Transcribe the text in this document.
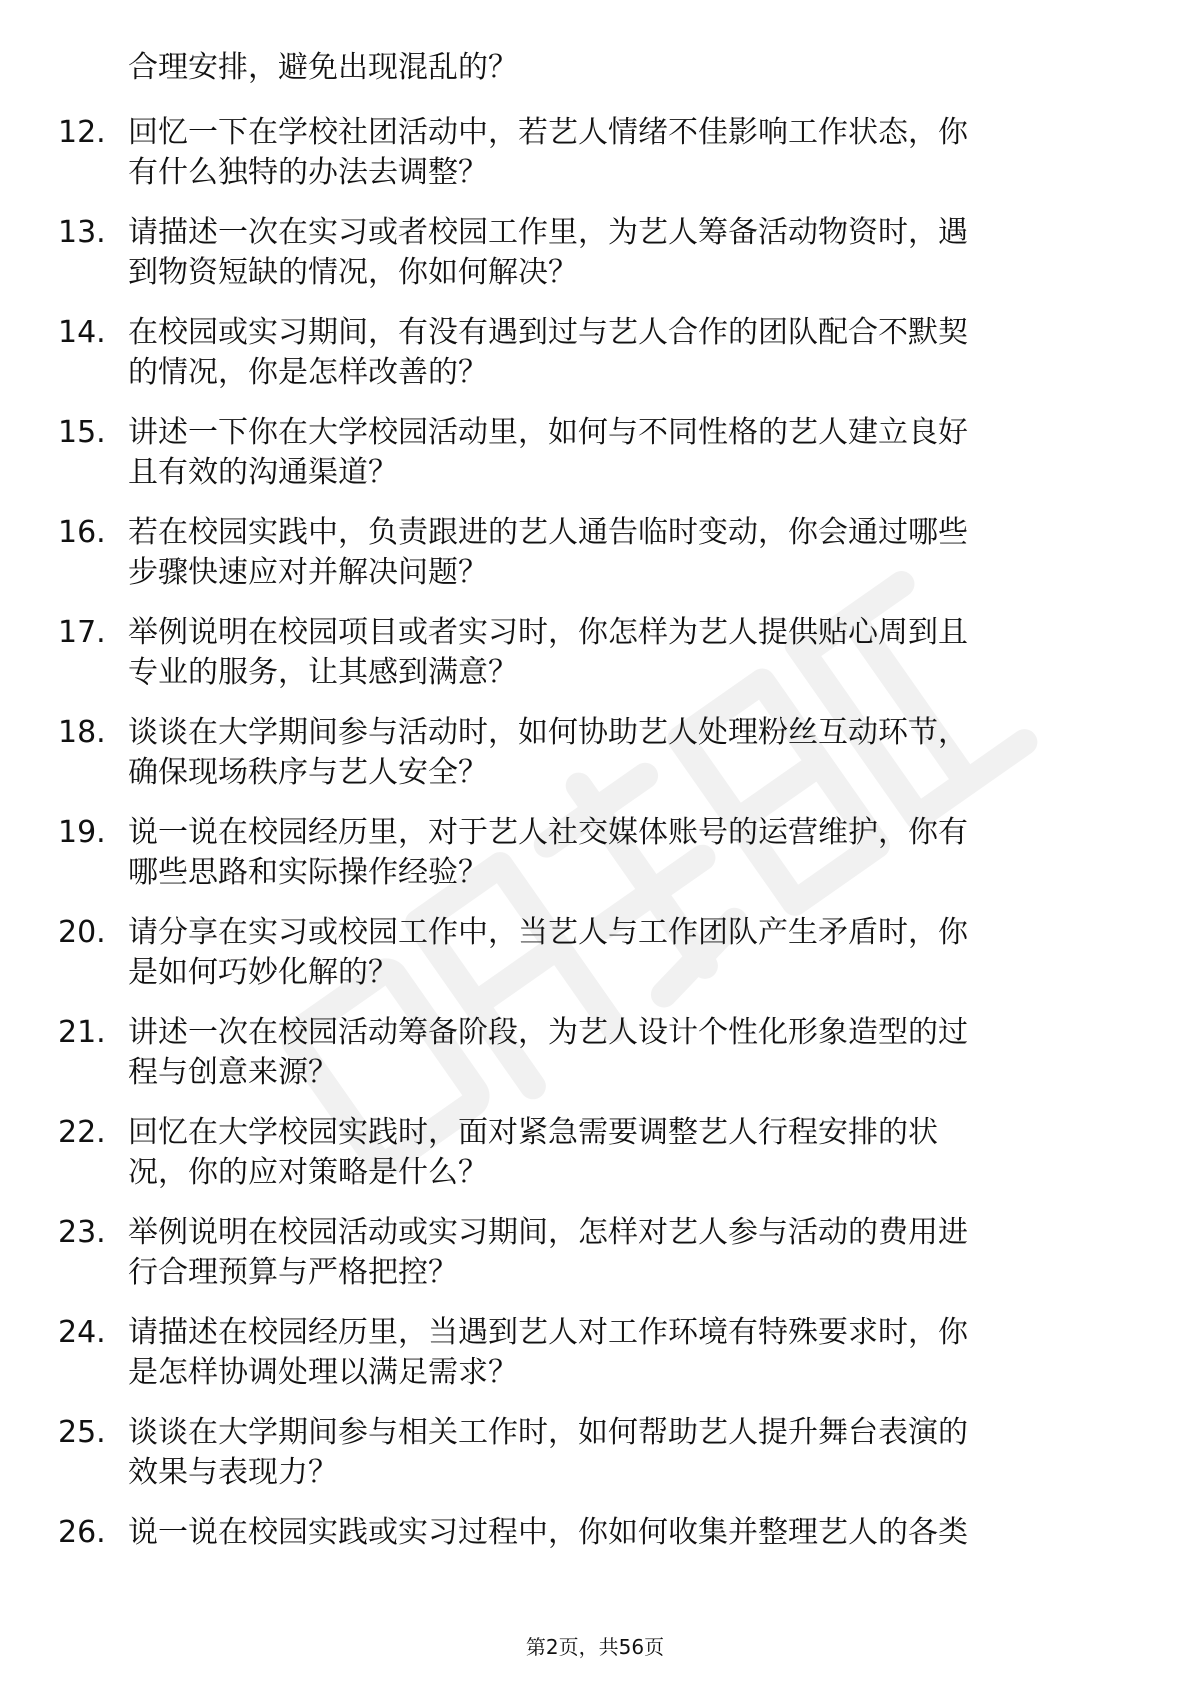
合理安排，避免出现混乱的？
12. 回忆一下在学校社团活动中，若艺人情绪不佳影响工作状态，你
有什么独特的办法去调整？
13. 请描述一次在实习或者校园工作里，为艺人筹备活动物资时，遇
到物资短缺的情况，你如何解决？
14. 在校园或实习期间，有没有遇到过与艺人合作的团队配合不默契
的情况，你是怎样改善的？
15. 讲述一下你在大学校园活动里，如何与不同性格的艺人建立良好
且有效的沟通渠道？
16. 若在校园实践中，负责跟进的艺人通告临时变动，你会通过哪些
步骤快速应对并解决问题？
17. 举例说明在校园项目或者实习时，你怎样为艺人提供贴心周到且
专业的服务，让其感到满意？
18. 谈谈在大学期间参与活动时，如何协助艺人处理粉丝互动环节，
确保现场秩序与艺人安全？
19. 说一说在校园经历里，对于艺人社交媒体账号的运营维护，你有
哪些思路和实际操作经验？
20. 请分享在实习或校园工作中，当艺人与工作团队产生矛盾时，你
是如何巧妙化解的？
21. 讲述一次在校园活动筹备阶段，为艺人设计个性化形象造型的过
程与创意来源？
22. 回忆在大学校园实践时，面对紧急需要调整艺人行程安排的状
况，你的应对策略是什么？
23. 举例说明在校园活动或实习期间，怎样对艺人参与活动的费用进
行合理预算与严格把控？
24. 请描述在校园经历里，当遇到艺人对工作环境有特殊要求时，你
是怎样协调处理以满足需求？
25. 谈谈在大学期间参与相关工作时，如何帮助艺人提升舞台表演的
效果与表现力？
26. 说一说在校园实践或实习过程中，你如何收集并整理艺人的各类
第2页，共56页
